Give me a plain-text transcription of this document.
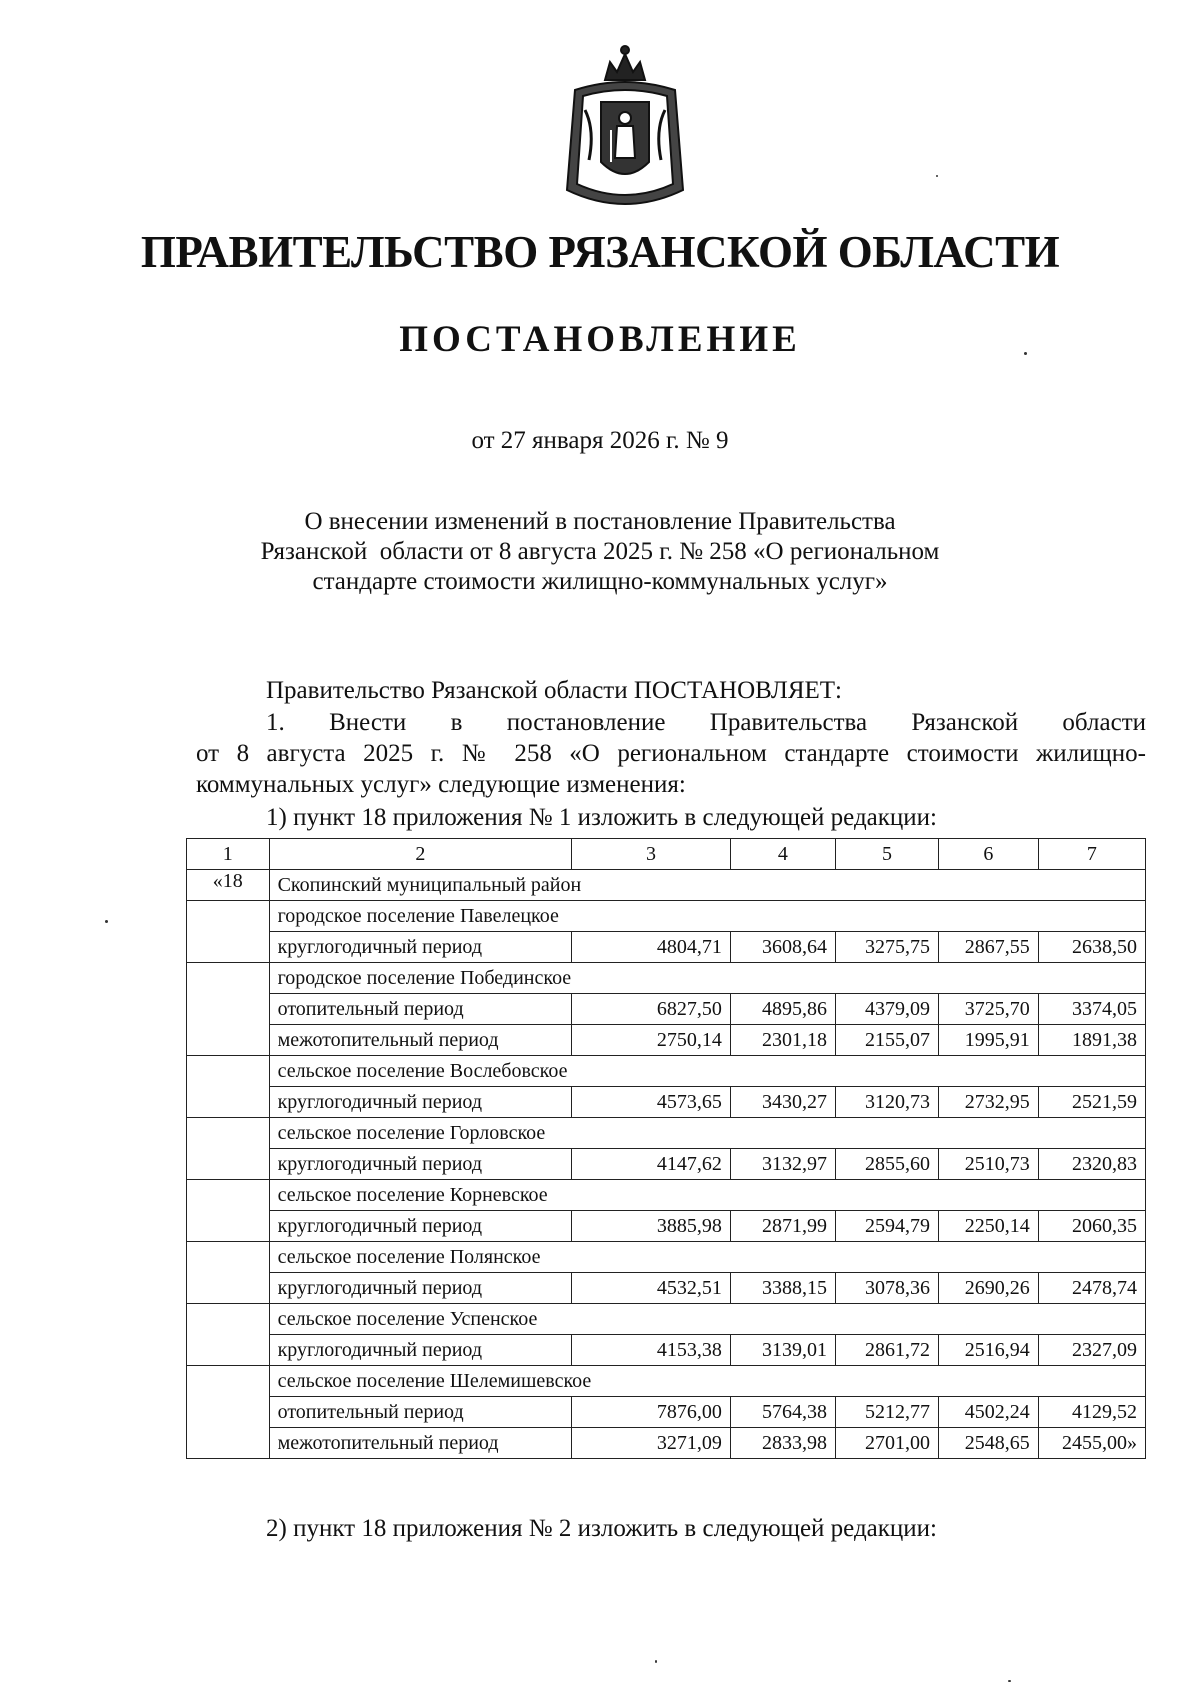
ПРАВИТЕЛЬСТВО РЯЗАНСКОЙ ОБЛАСТИ
ПОСТАНОВЛЕНИЕ
от 27 января 2026 г. № 9
О внесении изменений в постановление Правительства
Рязанской  области от 8 августа 2025 г. № 258 «О региональном
стандарте стоимости жилищно-коммунальных услуг»
Правительство Рязанской области ПОСТАНОВЛЯЕТ:
1. Внести в постановление Правительства Рязанской области
от 8 августа 2025 г. № 258 «О региональном стандарте стоимости жилищно-
коммунальных услуг» следующие изменения:
1) пункт 18 приложения № 1 изложить в следующей редакции:
1	2	3	4	5	6	7
«18	Скопинский муниципальный район					
	городское поселение Павелецкое					
	круглогодичный период	4804,71	3608,64	3275,75	2867,55	2638,50
	городское поселение Побединское					
	отопительный период	6827,50	4895,86	4379,09	3725,70	3374,05
	межотопительный период	2750,14	2301,18	2155,07	1995,91	1891,38
	сельское поселение Вослебовское					
	круглогодичный период	4573,65	3430,27	3120,73	2732,95	2521,59
	сельское поселение Горловское					
	круглогодичный период	4147,62	3132,97	2855,60	2510,73	2320,83
	сельское поселение Корневское					
	круглогодичный период	3885,98	2871,99	2594,79	2250,14	2060,35
	сельское поселение Полянское					
	круглогодичный период	4532,51	3388,15	3078,36	2690,26	2478,74
	сельское поселение Успенское					
	круглогодичный период	4153,38	3139,01	2861,72	2516,94	2327,09
	сельское поселение Шелемишевское					
	отопительный период	7876,00	5764,38	5212,77	4502,24	4129,52
	межотопительный период	3271,09	2833,98	2701,00	2548,65	2455,00»
2) пункт 18 приложения № 2 изложить в следующей редакции:
